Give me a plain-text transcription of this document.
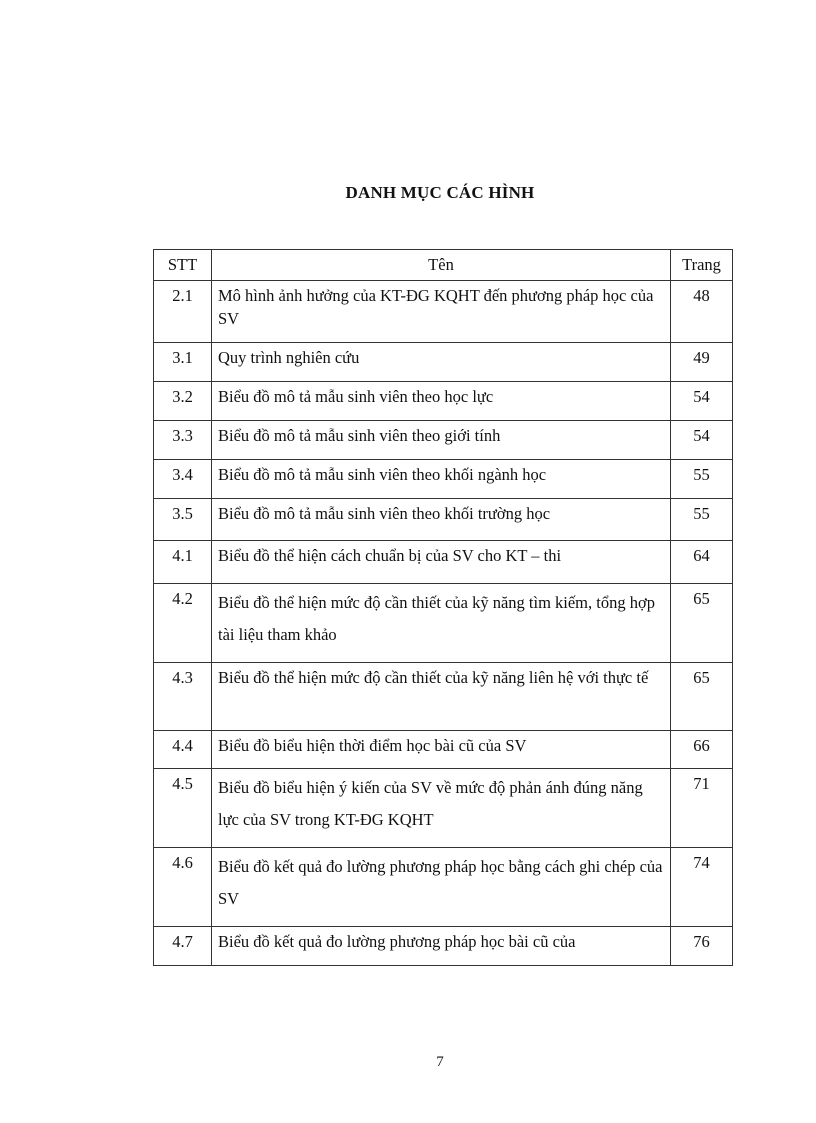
DANH MỤC CÁC HÌNH
STT	Tên	Trang
2.1	Mô hình ảnh hưởng của KT-ĐG KQHT đến phương pháp học của SV	48
3.1	Quy trình nghiên cứu	49
3.2	Biểu đồ mô tả mẫu sinh viên theo học lực	54
3.3	Biểu đồ mô tả mẫu sinh viên theo giới tính	54
3.4	Biểu đồ mô tả mẫu sinh viên theo khối ngành học	55
3.5	Biểu đồ mô tả mẫu sinh viên theo khối trường học	55
4.1	Biểu đồ thể hiện cách chuẩn bị của SV cho KT – thi	64
4.2	Biểu đồ thể hiện mức độ cần thiết của kỹ năng tìm kiếm, tổng hợp tài liệu tham khảo	65
4.3	Biểu đồ thể hiện mức độ cần thiết của kỹ năng liên hệ với thực tế	65
4.4	Biểu đồ biểu hiện thời điểm học bài cũ của SV	66
4.5	Biểu đồ biểu hiện ý kiến của SV về mức độ phản ánh đúng năng lực của SV trong KT-ĐG KQHT	71
4.6	Biểu đồ kết quả đo lường phương pháp học bằng cách ghi chép của SV	74
4.7	Biểu đồ kết quả đo lường phương pháp học bài cũ của	76
7
